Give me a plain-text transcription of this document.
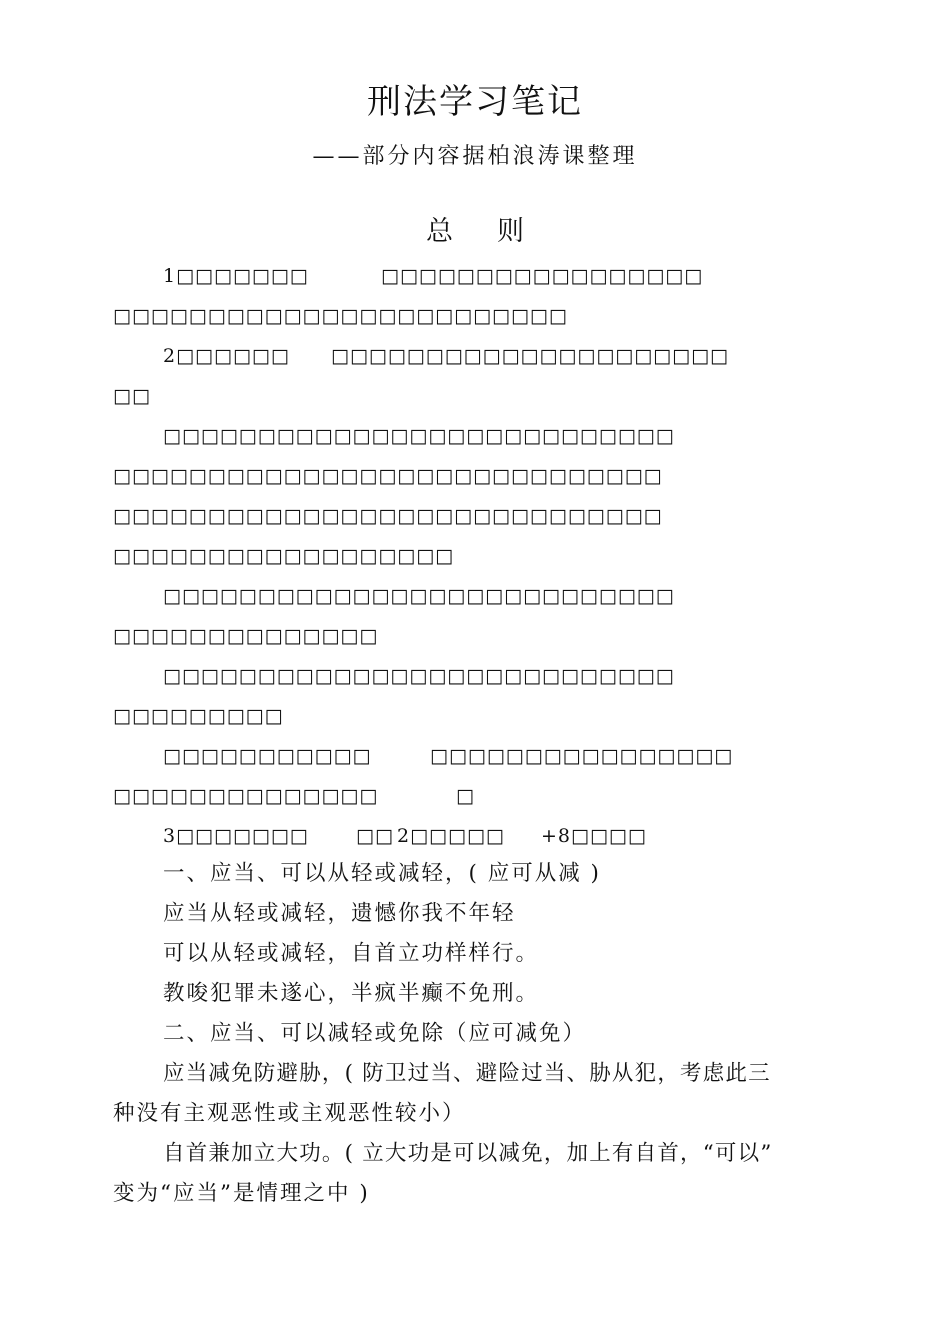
刑法学习笔记
——部分内容据柏浪涛课整理
总 则
1□□□□□□□	□□□□□□□□□□□□□□□□□
□□□□□□□□□□□□□□□□□□□□□□□□
2□□□□□□ □□□□□□□□□□□□□□□□□□□□□
□□
□□□□□□□□□□□□□□□□□□□□□□□□□□□
□□□□□□□□□□□□□□□□□□□□□□□□□□□□□
□□□□□□□□□□□□□□□□□□□□□□□□□□□□□
□□□□□□□□□□□□□□□□□□
□□□□□□□□□□□□□□□□□□□□□□□□□□□
□□□□□□□□□□□□□□
□□□□□□□□□□□□□□□□□□□□□□□□□□□
□□□□□□□□□
□□□□□□□□□□□	□□□□□□□□□□□□□□□□
□□□□□□□□□□□□□□	□
3□□□□□□□ □□ 2□□□□□ +8□□□□
一、应当、可以从轻或减轻，( 应可从减 )
应当从轻或减轻，遗憾你我不年轻
可以从轻或减轻，自首立功样样行。
教唆犯罪未遂心，半疯半癫不免刑。
二、应当、可以减轻或免除（应可减免）
应当减免防避胁，( 防卫过当、避险过当、胁从犯，考虑此三
种没有主观恶性或主观恶性较小）
自首兼加立大功。( 立大功是可以减免，加上有自首，“可以”
变为“应当”是情理之中 )
